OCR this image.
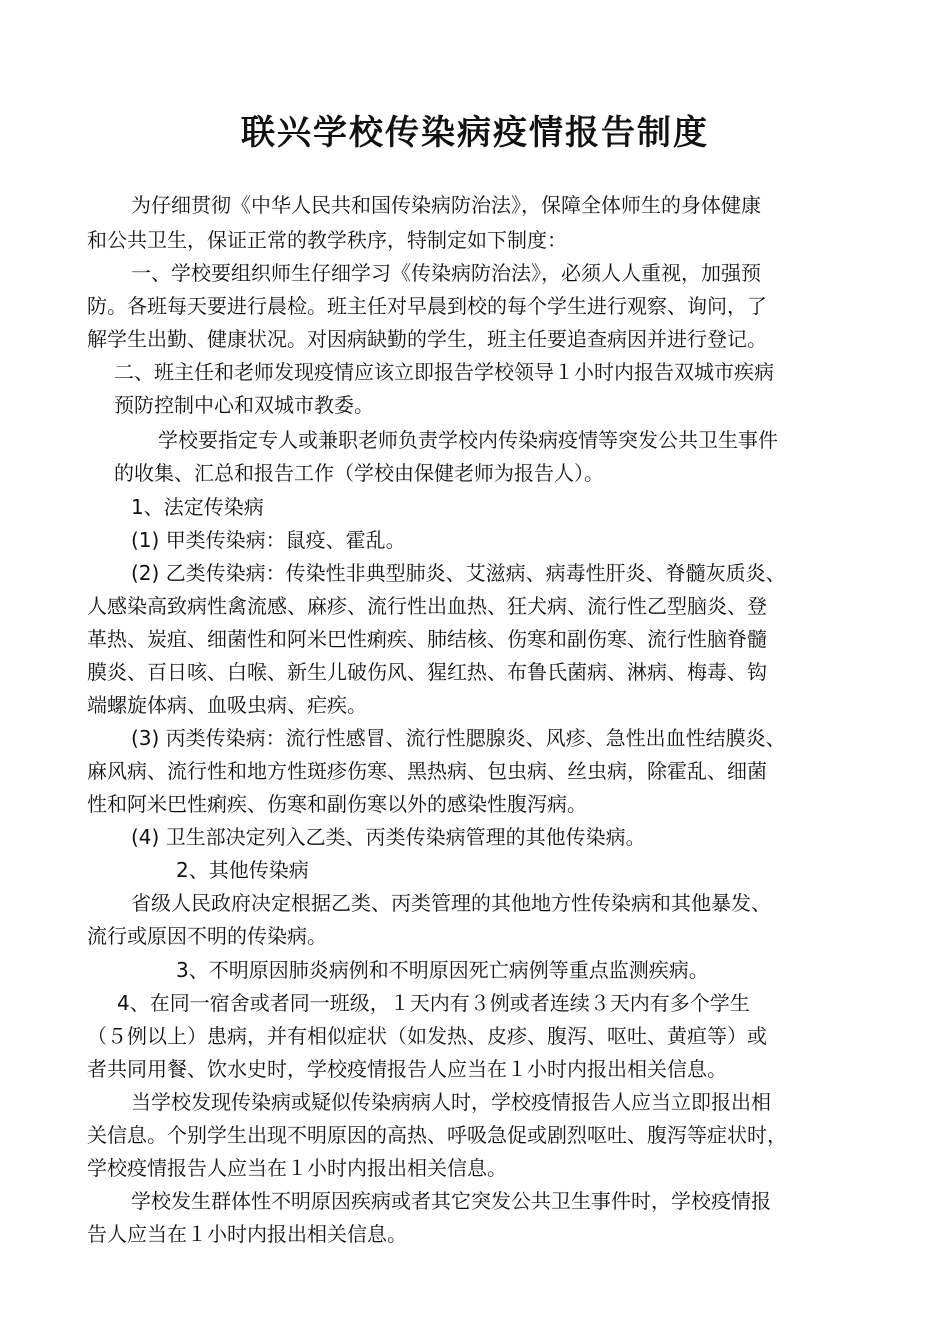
联兴学校传染病疫情报告制度
为仔细贯彻《中华人民共和国传染病防治法》，保障全体师生的身体健康
和公共卫生，保证正常的教学秩序，特制定如下制度：
一、学校要组织师生仔细学习《传染病防治法》，必须人人重视，加强预
防。各班每天要进行晨检。班主任对早晨到校的每个学生进行观察、询问，了
解学生出勤、健康状况。对因病缺勤的学生，班主任要追查病因并进行登记。
二、班主任和老师发现疫情应该立即报告学校领导１小时内报告双城市疾病
预防控制中心和双城市教委。
学校要指定专人或兼职老师负责学校内传染病疫情等突发公共卫生事件
的收集、汇总和报告工作（学校由保健老师为报告人）。
1、法定传染病
(1) 甲类传染病：鼠疫、霍乱。
(2) 乙类传染病：传染性非典型肺炎、艾滋病、病毒性肝炎、脊髓灰质炎、
人感染高致病性禽流感、麻疹、流行性出血热、狂犬病、流行性乙型脑炎、登
革热、炭疽、细菌性和阿米巴性痢疾、肺结核、伤寒和副伤寒、流行性脑脊髓
膜炎、百日咳、白喉、新生儿破伤风、猩红热、布鲁氏菌病、淋病、梅毒、钩
端螺旋体病、血吸虫病、疟疾。
(3) 丙类传染病：流行性感冒、流行性腮腺炎、风疹、急性出血性结膜炎、
麻风病、流行性和地方性斑疹伤寒、黑热病、包虫病、丝虫病，除霍乱、细菌
性和阿米巴性痢疾、伤寒和副伤寒以外的感染性腹泻病。
(4) 卫生部决定列入乙类、丙类传染病管理的其他传染病。
2、其他传染病
省级人民政府决定根据乙类、丙类管理的其他地方性传染病和其他暴发、
流行或原因不明的传染病。
3、不明原因肺炎病例和不明原因死亡病例等重点监测疾病。
4、在同一宿舍或者同一班级，１天内有３例或者连续３天内有多个学生
（５例以上）患病，并有相似症状（如发热、皮疹、腹泻、呕吐、黄疸等）或
者共同用餐、饮水史时，学校疫情报告人应当在１小时内报出相关信息。
当学校发现传染病或疑似传染病病人时，学校疫情报告人应当立即报出相
关信息。个别学生出现不明原因的高热、呼吸急促或剧烈呕吐、腹泻等症状时，
学校疫情报告人应当在１小时内报出相关信息。
学校发生群体性不明原因疾病或者其它突发公共卫生事件时，学校疫情报
告人应当在１小时内报出相关信息。
